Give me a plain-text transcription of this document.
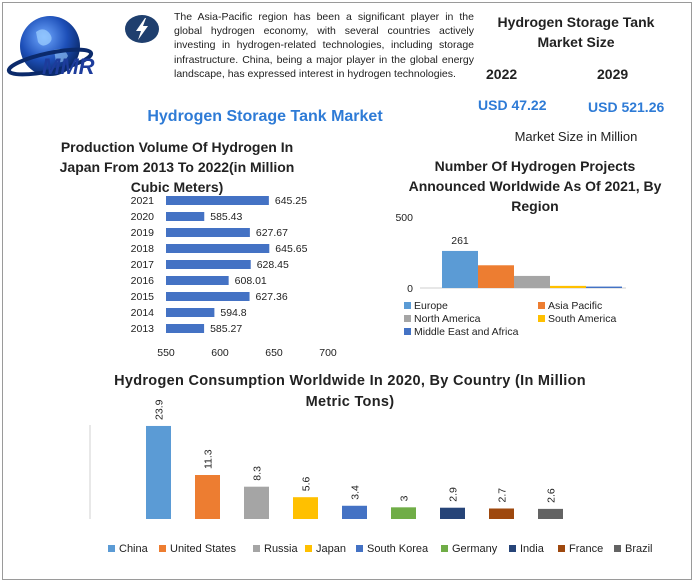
MMR
The Asia-Pacific region has been a significant player in the global hydrogen economy, with several countries actively investing in hydrogen-related technologies, including storage infrastructure. China, being a major player in the global energy landscape, has expressed interest in hydrogen technologies.
Hydrogen Storage Tank Market Size
2022	2029
USD 47.22	USD 521.26
Market Size in Million
Hydrogen Storage Tank Market
Production Volume Of Hydrogen In Japan From 2013 To 2022(in Million Cubic Meters)
Number Of Hydrogen Projects Announced Worldwide As Of 2021, By Region
Hydrogen Consumption Worldwide In 2020, By Country (In Million Metric Tons)
2021	645.25
2020	585.43
2019	627.67
2018	645.65
2017	628.45
2016	608.01
2015	627.36
2014	594.8
2013	585.27
550	600	650	700
500
0
261
Europe	Asia Pacific
North America	South America
Middle East and Africa
23.9
11.3
8.3
5.6
3.4	3	2.9	2.7	2.6
China United States	Russia Japan South Korea Germany India France Brazil
